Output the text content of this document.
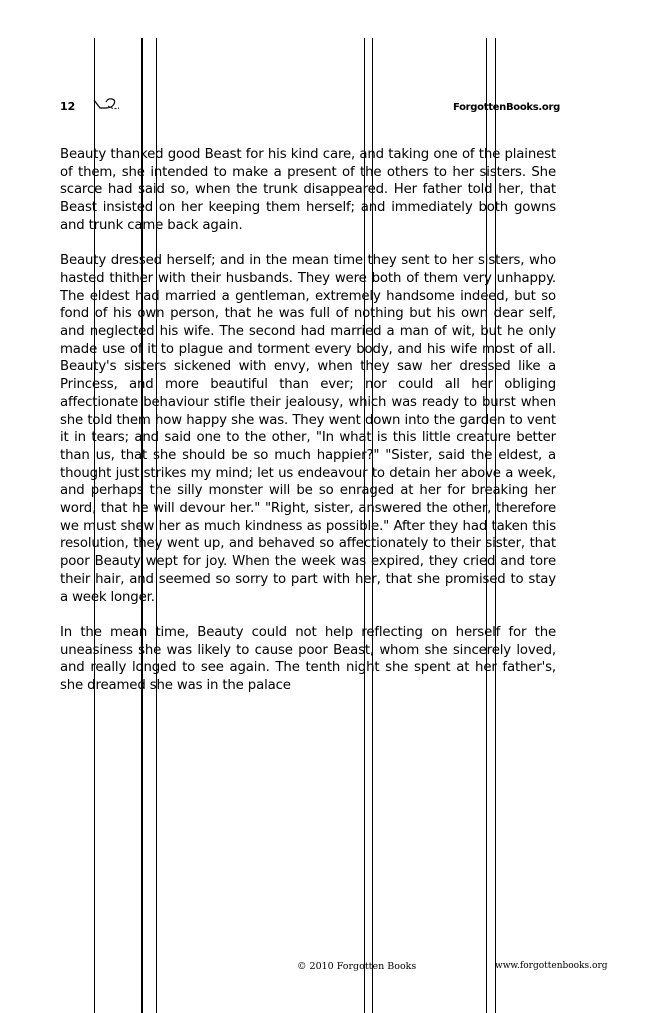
12	ForgottenBooks.org

Beauty thanked good Beast for his kind care, and taking one of the plainest of them, she intended to make a present of the others to her sisters. She scarce had said so, when the trunk disappeared. Her father told her, that Beast insisted on her keeping them herself; and immediately both gowns and trunk came back again.

Beauty dressed herself; and in the mean time they sent to her sisters, who hasted thither with their husbands. They were both of them very unhappy. The eldest had married a gentleman, extremely handsome indeed, but so fond of his own person, that he was full of nothing but his own dear self, and neglected his wife. The second had married a man of wit, but he only made use of it to plague and torment every body, and his wife most of all. Beauty's sisters sickened with envy, when they saw her dressed like a Princess, and more beautiful than ever; nor could all her obliging affectionate behaviour stifle their jealousy, which was ready to burst when she told them how happy she was. They went down into the garden to vent it in tears; and said one to the other, "In what is this little creature better than us, that she should be so much happier?" "Sister, said the eldest, a thought just strikes my mind; let us endeavour to detain her above a week, and perhaps the silly monster will be so enraged at her for breaking her word, that he will devour her." "Right, sister, answered the other, therefore we must shew her as much kindness as possible." After they had taken this resolution, they went up, and behaved so affectionately to their sister, that poor Beauty wept for joy. When the week was expired, they cried and tore their hair, and seemed so sorry to part with her, that she promised to stay a week longer.

In the mean time, Beauty could not help reflecting on herself for the uneasiness she was likely to cause poor Beast, whom she sincerely loved, and really longed to see again. The tenth night she spent at her father's, she dreamed she was in the palace

© 2010 Forgotten Books	www.forgottenbooks.org
